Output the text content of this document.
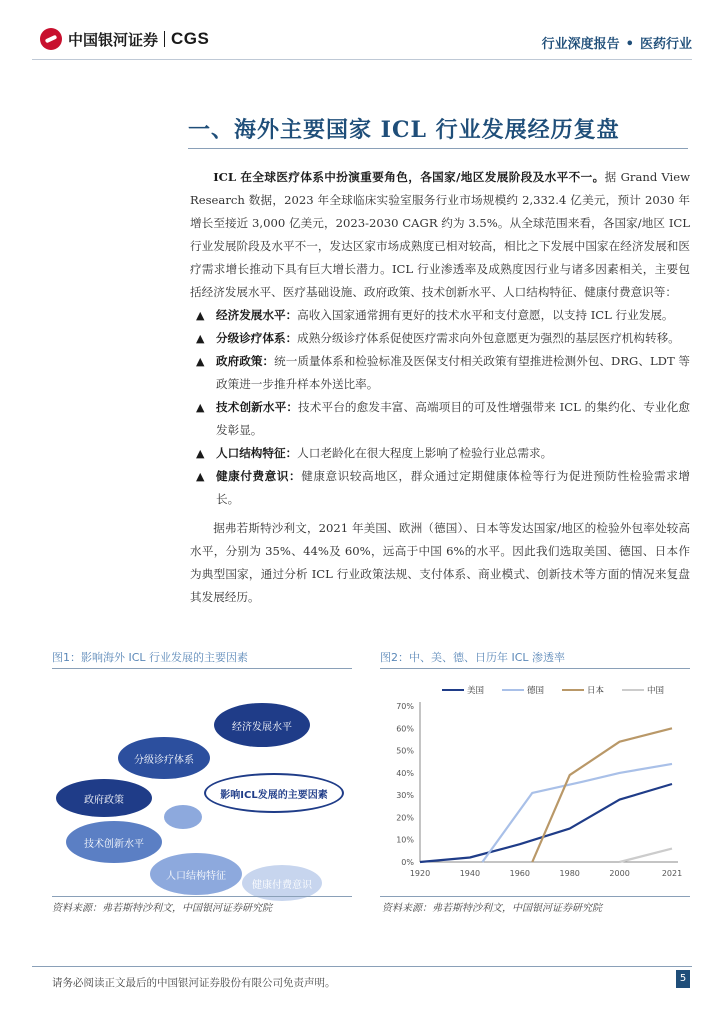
中国银河证券 CGS	行业深度报告 • 医药行业
一、海外主要国家 ICL 行业发展经历复盘

ICL 在全球医疗体系中扮演重要角色，各国家/地区发展阶段及水平不一。据 Grand View Research 数据，2023 年全球临床实验室服务行业市场规模约 2,332.4 亿美元，预计 2030 年增长至接近 3,000 亿美元，2023-2030 CAGR 约为 3.5%。从全球范围来看，各国家/地区 ICL 行业发展阶段及水平不一，发达区家市场成熟度已相对较高，相比之下发展中国家在经济发展和医疗需求增长推动下具有巨大增长潜力。ICL 行业渗透率及成熟度因行业与诸多因素相关，主要包括经济发展水平、医疗基础设施、政府政策、技术创新水平、人口结构特征、健康付费意识等：

▲ 经济发展水平：高收入国家通常拥有更好的技术水平和支付意愿，以支持 ICL 行业发展。

▲ 分级诊疗体系：成熟分级诊疗体系促使医疗需求向外包意愿更为强烈的基层医疗机构转移。

▲ 政府政策：统一质量体系和检验标准及医保支付相关政策有望推进检测外包、DRG、LDT 等政策进一步推升样本外送比率。

▲ 技术创新水平：技术平台的愈发丰富、高端项目的可及性增强带来 ICL 的集约化、专业化愈发彰显。

▲ 人口结构特征：人口老龄化在很大程度上影响了检验行业总需求。

▲ 健康付费意识：健康意识较高地区，群众通过定期健康体检等行为促进预防性检验需求增长。

据弗若斯特沙利文，2021 年美国、欧洲（德国）、日本等发达国家/地区的检验外包率处较高水平，分别为 35%、44%及 60%，远高于中国 6%的水平。因此我们选取美国、德国、日本作为典型国家，通过分析 ICL 行业政策法规、支付体系、商业模式、创新技术等方面的情况来复盘其发展经历。

图1：影响海外 ICL 行业发展的主要因素
经济发展水平
分级诊疗体系
政府政策
技术创新水平
人口结构特征
健康付费意识
影响ICL发展的主要因素
资料来源：弗若斯特沙利文，中国银河证券研究院
图2：中、美、德、日历年 ICL 渗透率
0%
10%
20%
30%
40%
50%
60%
70%
1920	1940	1960	1980	2000	2021
美国	德国	日本	中国
资料来源：弗若斯特沙利文，中国银河证券研究院
请务必阅读正文最后的中国银河证券股份有限公司免责声明。	5
